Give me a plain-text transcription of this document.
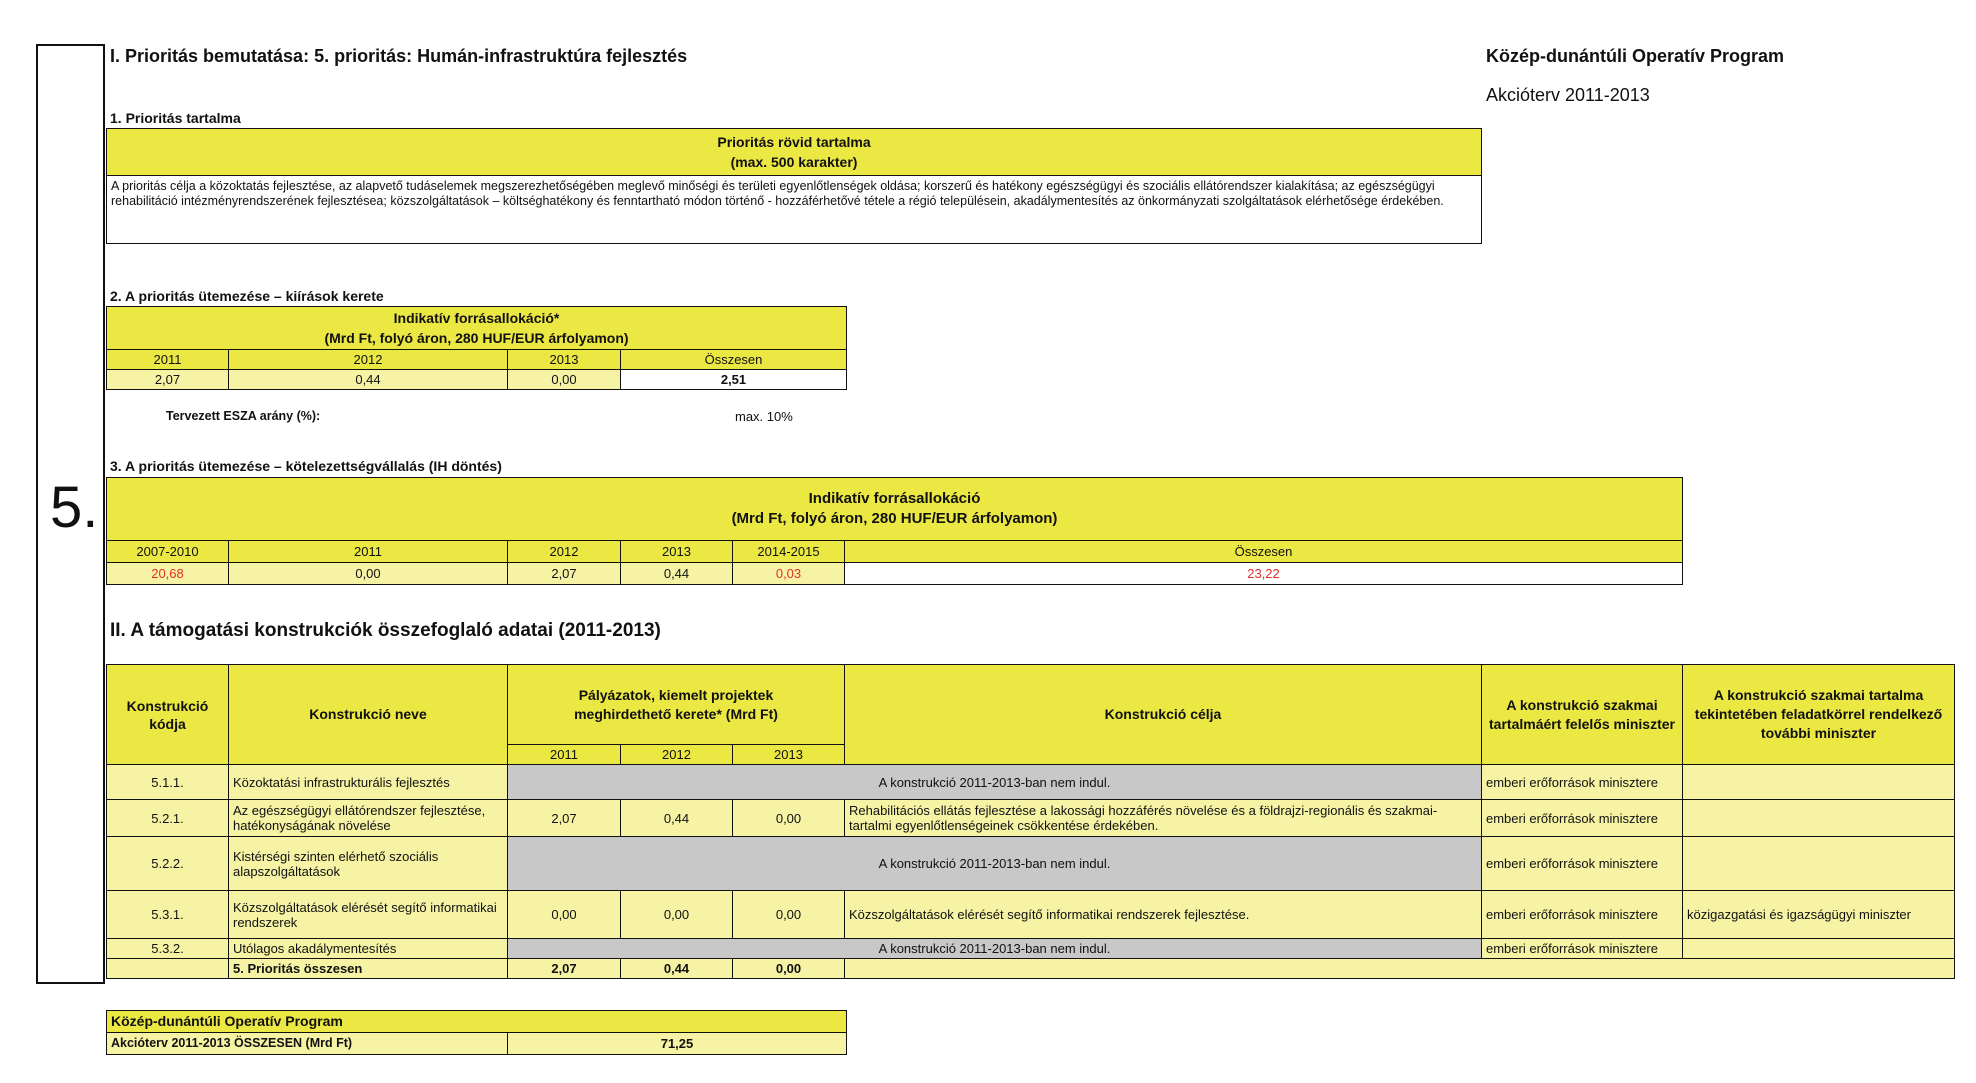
5.
I. Prioritás bemutatása: 5. prioritás: Humán-infrastruktúra fejlesztés	Közép-dunántúli Operatív Program
Akcióterv 2011-2013
1. Prioritás tartalma
Prioritás rövid tartalma
(max. 500 karakter)

A prioritás célja a közoktatás fejlesztése, az alapvető tudáselemek megszerezhetőségében meglevő minőségi és területi egyenlőtlenségek oldása; korszerű és hatékony egészségügyi és szociális ellátórendszer kialakítása; az egészségügyi rehabilitáció intézményrendszerének fejlesztésea; közszolgáltatások – költséghatékony és fenntartható módon történő - hozzáférhetővé tétele a régió településein, akadálymentesítés az önkormányzati szolgáltatások elérhetősége érdekében.
2. A prioritás ütemezése – kiírások kerete
Indikatív forrásallokáció*
(Mrd Ft, folyó áron, 280 HUF/EUR árfolyamon)			

2011	2012	2013	Összesen
2,07	0,44	0,00	2,51
Tervezett ESZA arány (%):	max. 10%
3. A prioritás ütemezése – kötelezettségvállalás (IH döntés)
Indikatív forrásallokáció
(Mrd Ft, folyó áron, 280 HUF/EUR árfolyamon)					

2007-2010	2011	2012	2013	2014-2015	Összesen
20,68	0,00	2,07	0,44	0,03	23,22
II. A támogatási konstrukciók összefoglaló adatai (2011-2013)
Konstrukció kódja	Konstrukció neve	Pályázatok, kiemelt projektek meghirdethető kerete* (Mrd Ft)			Konstrukció célja	A konstrukció szakmai tartalmáért felelős miniszter	A konstrukció szakmai tartalma tekintetében feladatkörrel rendelkező további miniszter
		2011	2012	2013			
5.1.1.	Közoktatási infrastrukturális fejlesztés	A konstrukció 2011-2013-ban nem indul.				emberi erőforrások minisztere	
5.2.1.	Az egészségügyi ellátórendszer fejlesztése, hatékonyságának növelése	2,07	0,44	0,00	Rehabilitációs ellátás fejlesztése a lakossági hozzáférés növelése és a földrajzi-regionális és szakmai-tartalmi egyenlőtlenségeinek csökkentése érdekében.	emberi erőforrások minisztere	
5.2.2.	Kistérségi szinten elérhető szociális alapszolgáltatások	A konstrukció 2011-2013-ban nem indul.				emberi erőforrások minisztere	
5.3.1.	Közszolgáltatások elérését segítő informatikai rendszerek	0,00	0,00	0,00	Közszolgáltatások elérését segítő informatikai rendszerek fejlesztése.	emberi erőforrások minisztere	közigazgatási és igazságügyi miniszter
5.3.2.	Utólagos akadálymentesítés	A konstrukció 2011-2013-ban nem indul.				emberi erőforrások minisztere	
	5. Prioritás összesen	2,07	0,44	0,00			
Közép-dunántúli Operatív Program
Akcióterv 2011-2013 ÖSSZESEN (Mrd Ft)	71,25
